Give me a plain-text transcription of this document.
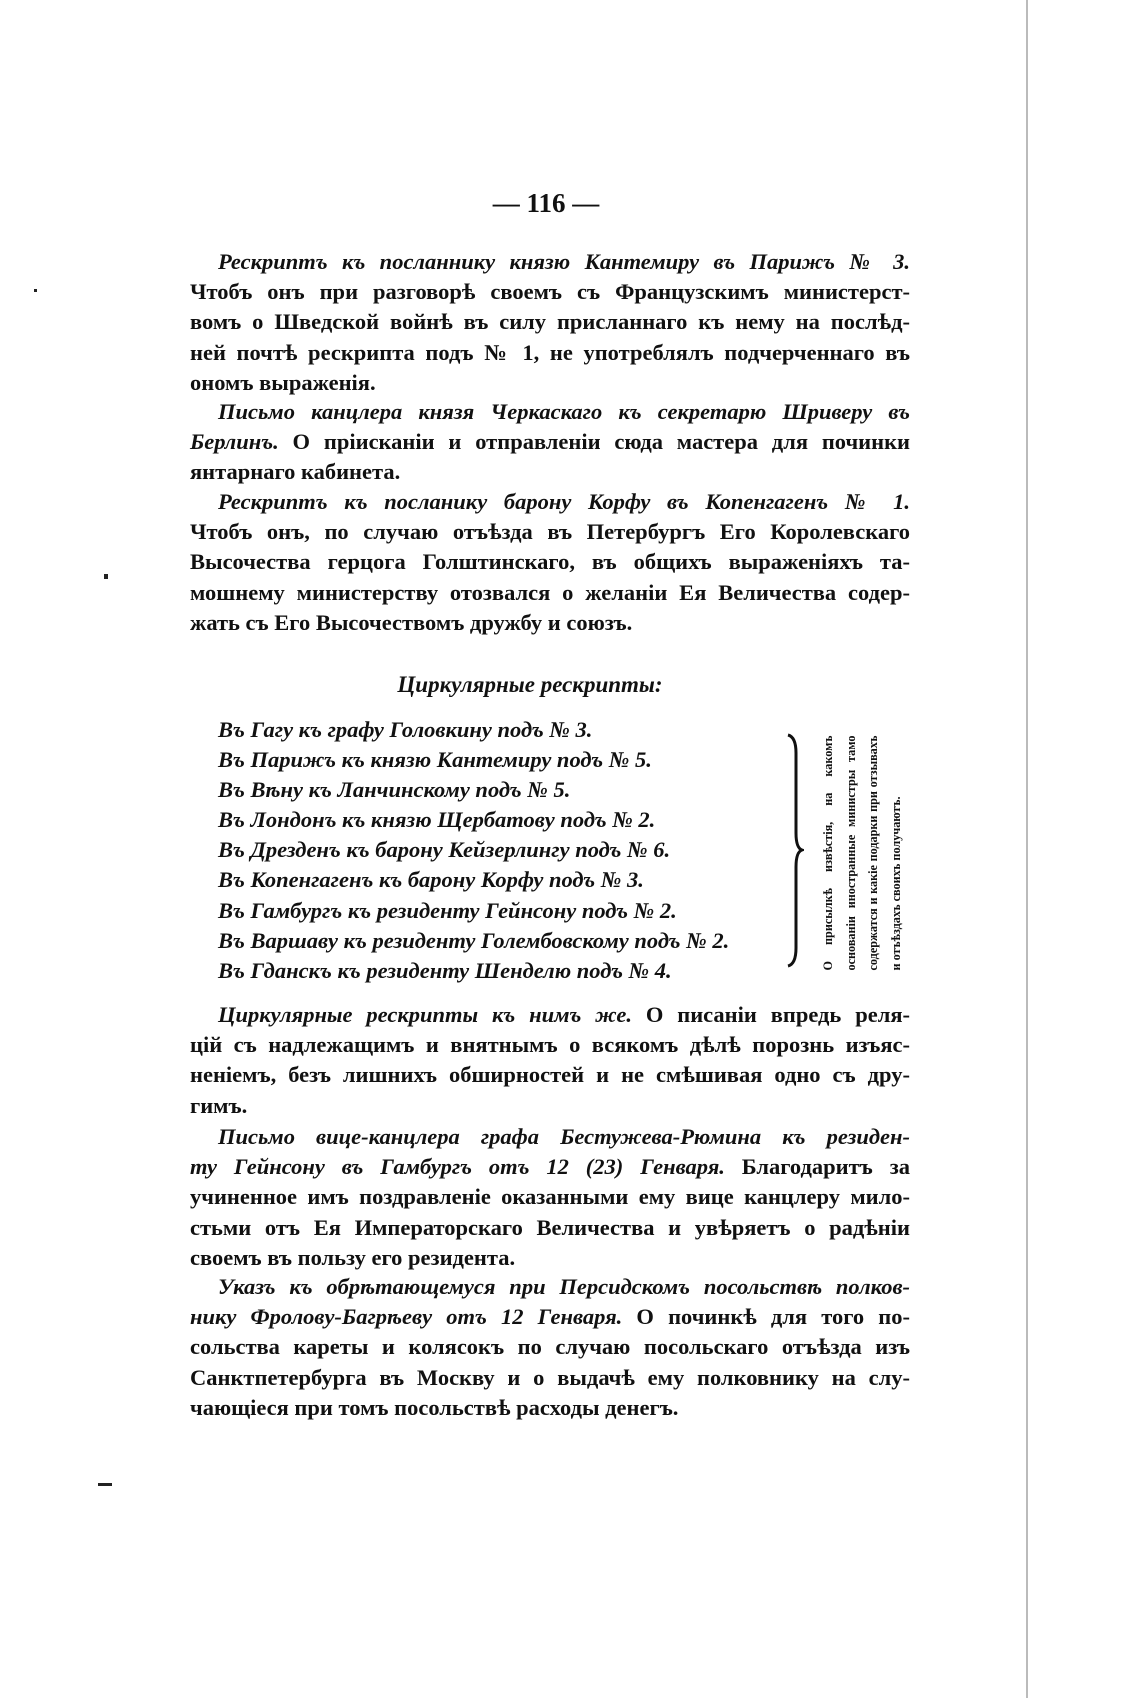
— 116 —
Рескриптъ къ посланнику князю Кантемиру въ Парижъ № 3.
Чтобъ онъ при разговорѣ своемъ съ Французскимъ министерст-
вомъ о Шведской войнѣ въ силу присланнаго къ нему на послѣд-
ней почтѣ рескрипта подъ № 1, не употреблялъ подчерченнаго въ
ономъ выраженія.
Письмо канцлера князя Черкаскаго къ секретарю Шриверу въ
Берлинъ. О пріисканіи и отправленіи сюда мастера для починки
янтарнаго кабинета.
Рескриптъ къ посланику барону Корфу въ Копенгагенъ № 1.
Чтобъ онъ, по случаю отъѣзда въ Петербургъ Его Королевскаго
Высочества герцога Голштинскаго, въ общихъ выраженіяхъ та-
мошнему министерству отозвался о желаніи Ея Величества содер-
жать съ Его Высочествомъ дружбу и союзъ.
Циркулярные рескрипты:
Въ Гагу къ графу Головкину подъ № 3.
Въ Парижъ къ князю Кантемиру подъ № 5.
Въ Вѣну къ Ланчинскому подъ № 5.
Въ Лондонъ къ князю Щербатову подъ № 2.
Въ Дрезденъ къ барону Кейзерлингу подъ № 6.
Въ Копенгагенъ къ барону Корфу подъ № 3.
Въ Гамбургъ къ резиденту Гейнсону подъ № 2.
Въ Варшаву къ резиденту Голембовскому подъ № 2.
Въ Гданскъ къ резиденту Шенделю подъ № 4.
О присылкѣ извѣстія, на какомъ основаніи иностранные министры тамо содержатся и какіе подарки при отзывахъ и отъѣздахъ своихъ получаютъ.
Циркулярные рескрипты къ нимъ же. О писаніи впредь реля-
цій съ надлежащимъ и внятнымъ о всякомъ дѣлѣ порознь изъяс-
неніемъ, безъ лишнихъ обширностей и не смѣшивая одно съ дру-
гимъ.
Письмо вице-канцлера графа Бестужева-Рюмина къ резиден-
ту Гейнсону въ Гамбургъ отъ 12 (23) Генваря. Благодаритъ за
учиненное имъ поздравленіе оказанными ему вице канцлеру мило-
стьми отъ Ея Императорскаго Величества и увѣряетъ о радѣніи
своемъ въ пользу его резидента.
Указъ къ обрѣтающемуся при Персидскомъ посольствѣ полков-
нику Фролову-Багрѣеву отъ 12 Генваря. О починкѣ для того по-
сольства кареты и колясокъ по случаю посольскаго отъѣзда изъ
Санктпетербурга въ Москву и о выдачѣ ему полковнику на слу-
чающіеся при томъ посольствѣ расходы денегъ.
